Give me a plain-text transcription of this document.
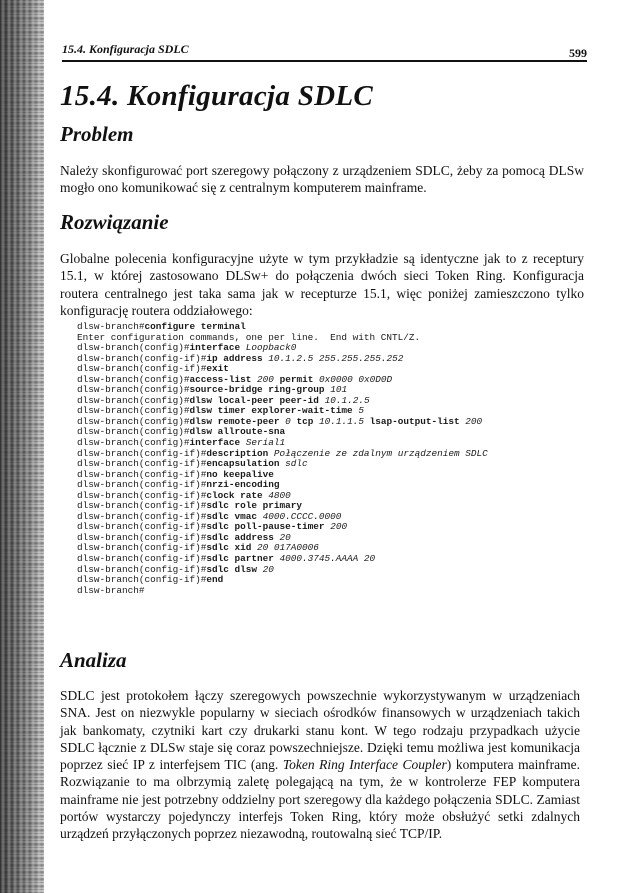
15.4. Konfiguracja SDLC	599
15.4. Konfiguracja SDLC
Problem

Należy skonfigurować port szeregowy połączony z urządzeniem SDLC, żeby za pomocą DLSw mogło ono komunikować się z centralnym komputerem mainframe.

Rozwiązanie

Globalne polecenia konfiguracyjne użyte w tym przykładzie są identyczne jak to z recepturу 15.1, w której zastosowano DLSw+ do połączenia dwóch sieci Token Ring. Konfiguracja routera centralnego jest taka sama jak w recepturze 15.1, więc poniżej zamieszczono tylko konfigurację routera oddziałowego:

dlsw-branch#configure terminal
Enter configuration commands, one per line.  End with CNTL/Z.
dlsw-branch(config)#interface Loopback0
dlsw-branch(config-if)#ip address 10.1.2.5 255.255.255.252
dlsw-branch(config-if)#exit
dlsw-branch(config)#access-list 200 permit 0x0000 0x0D0D
dlsw-branch(config)#source-bridge ring-group 101
dlsw-branch(config)#dlsw local-peer peer-id 10.1.2.5
dlsw-branch(config)#dlsw timer explorer-wait-time 5
dlsw-branch(config)#dlsw remote-peer 0 tcp 10.1.1.5 lsap-output-list 200
dlsw-branch(config)#dlsw allroute-sna
dlsw-branch(config)#interface Serial1
dlsw-branch(config-if)#description Połączenie ze zdalnym urządzeniem SDLC
dlsw-branch(config-if)#encapsulation sdlc
dlsw-branch(config-if)#no keepalive
dlsw-branch(config-if)#nrzi-encoding
dlsw-branch(config-if)#clock rate 4800
dlsw-branch(config-if)#sdlc role primary
dlsw-branch(config-if)#sdlc vmac 4000.CCCC.0000
dlsw-branch(config-if)#sdlc poll-pause-timer 200
dlsw-branch(config-if)#sdlc address 20
dlsw-branch(config-if)#sdlc xid 20 017A0006
dlsw-branch(config-if)#sdlc partner 4000.3745.AAAA 20
dlsw-branch(config-if)#sdlc dlsw 20
dlsw-branch(config-if)#end
dlsw-branch#
Analiza

SDLC jest protokołem łączy szeregowych powszechnie wykorzystywanym w urządzeniach SNA. Jest on niezwykle popularny w sieciach ośrodków finansowych w urządzeniach takich jak bankomaty, czytniki kart czy drukarki stanu kont. W tego rodzaju przypadkach użycie SDLC łącznie z DLSw staje się coraz powszechniejsze. Dzięki temu możliwa jest komunikacja poprzez sieć IP z interfejsem TIC (ang. Token Ring Interface Coupler) komputera mainframe. Rozwiązanie to ma olbrzymią zaletę polegającą na tym, że w kontrolerze FEP komputera mainframe nie jest potrzebny oddzielny port szeregowy dla każdego połączenia SDLC. Zamiast portów wystarczy pojedynczy interfejs Token Ring, który może obsłużyć setki zdalnych urządzeń przyłączonych poprzez niezawodną, routowalną sieć TCP/IP.
